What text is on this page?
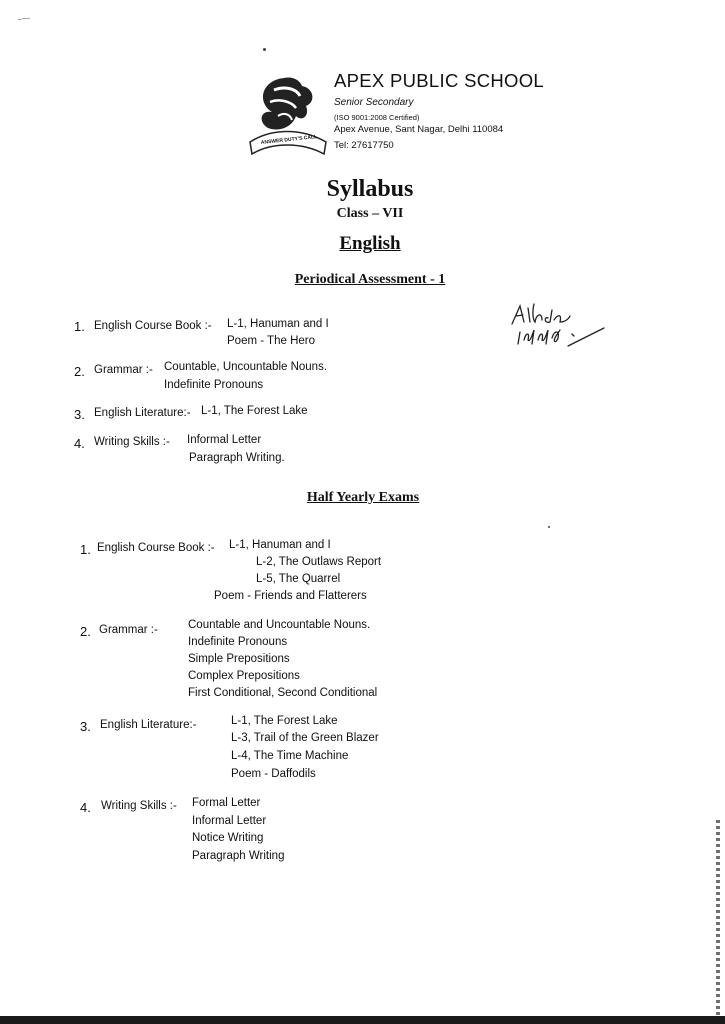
~~~
ANSWER DUTY'S CALL
APEX PUBLIC SCHOOL
Senior Secondary
(ISO 9001:2008 Certified)
Apex Avenue, Sant Nagar, Delhi 110084
Tel: 27617750
Syllabus
Class – VII
English
Periodical Assessment - 1
1. English Course Book :- L-1, Hanuman and I
Poem - The Hero
2. Grammar :- Countable, Uncountable Nouns.
Indefinite Pronouns
3. English Literature:- L-1, The Forest Lake
4. Writing Skills :- Informal Letter
Paragraph Writing.
Half Yearly Exams
1. English Course Book :- L-1, Hanuman and I
L-2, The Outlaws Report
L-5, The Quarrel
Poem - Friends and Flatterers
2. Grammar :-	Countable and Uncountable Nouns.
Indefinite Pronouns
Simple Prepositions
Complex Prepositions
First Conditional, Second Conditional
3. English Literature:-	L-1, The Forest Lake
L-3, Trail of the Green Blazer
L-4, The Time Machine
Poem - Daffodils
4. Writing Skills :- Formal Letter
Informal Letter
Notice Writing
Paragraph Writing
